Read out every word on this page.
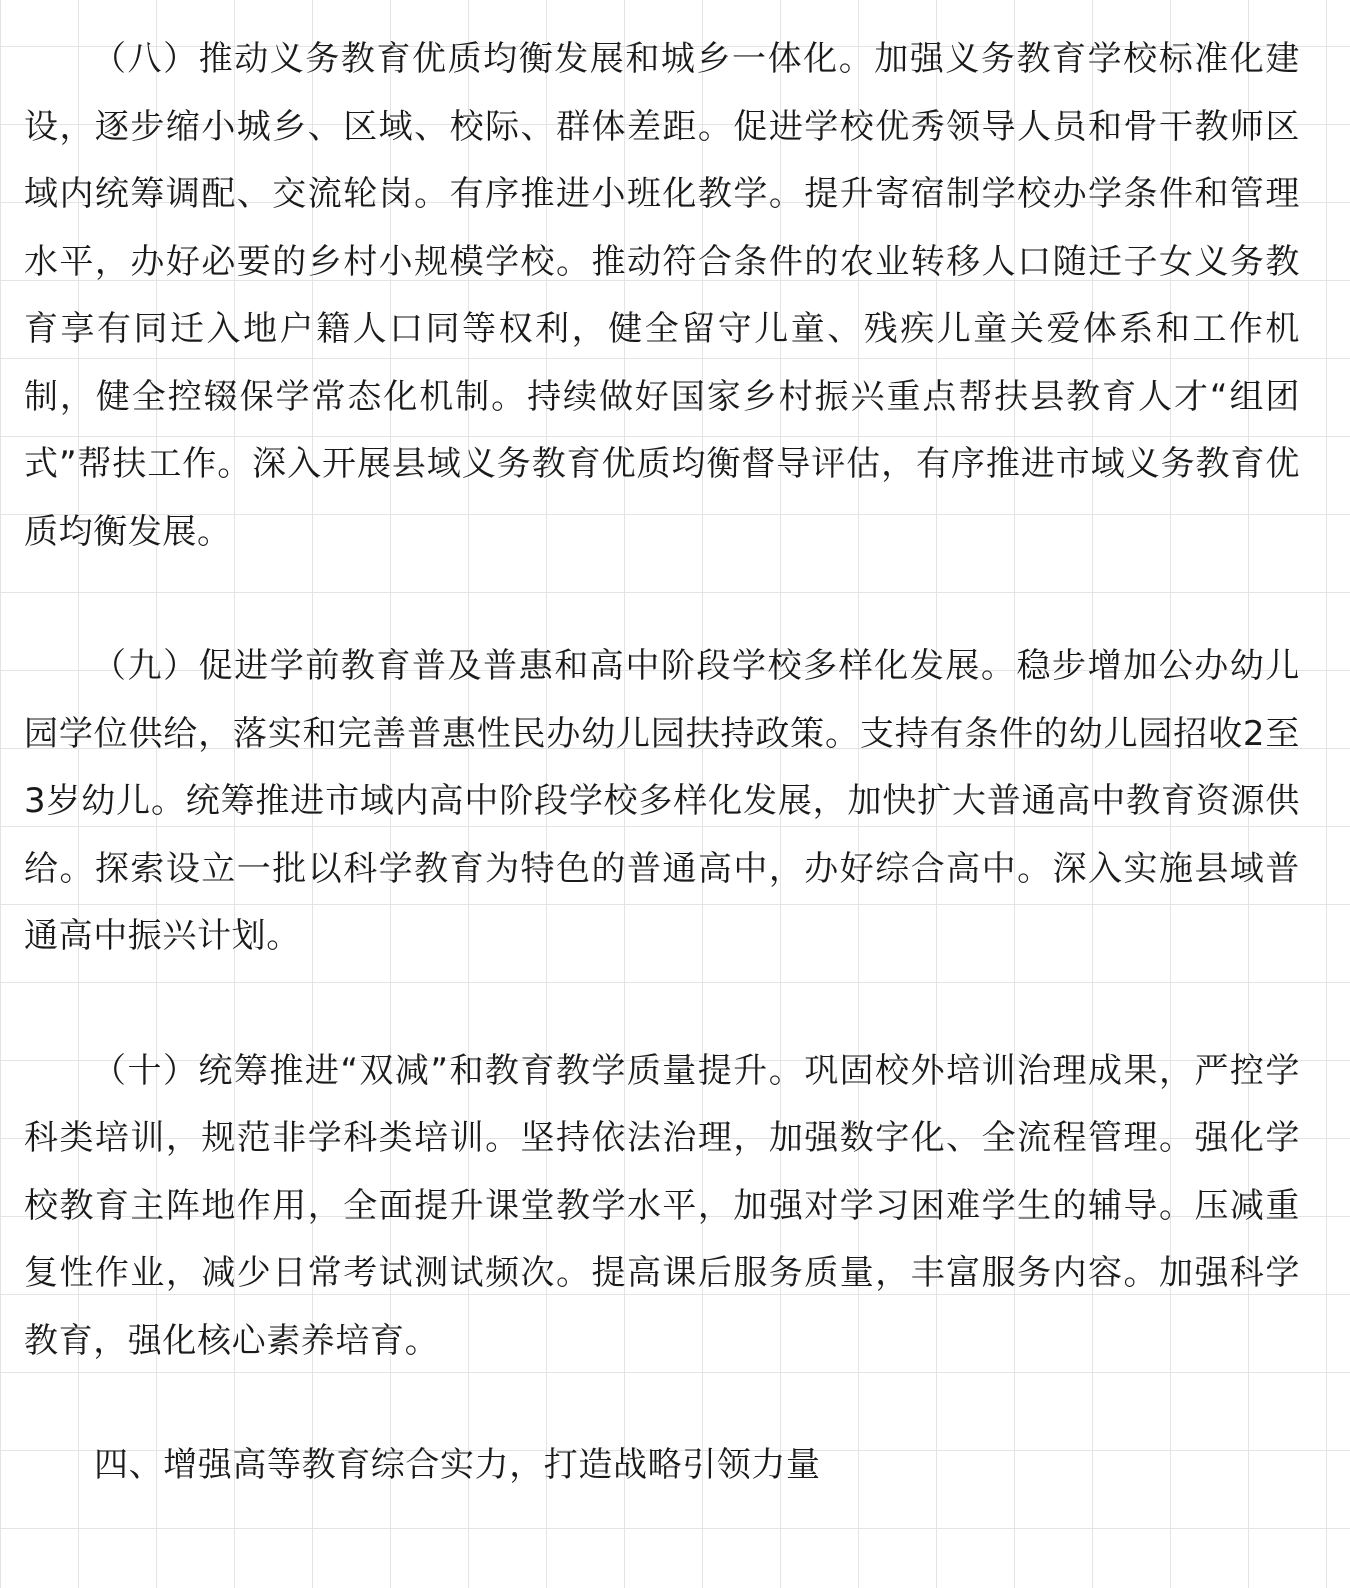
（八）推动义务教育优质均衡发展和城乡一体化。加强义务教育学校标准化建设，逐步缩小城乡、区域、校际、群体差距。促进学校优秀领导人员和骨干教师区域内统筹调配、交流轮岗。有序推进小班化教学。提升寄宿制学校办学条件和管理水平，办好必要的乡村小规模学校。推动符合条件的农业转移人口随迁子女义务教育享有同迁入地户籍人口同等权利，健全留守儿童、残疾儿童关爱体系和工作机制，健全控辍保学常态化机制。持续做好国家乡村振兴重点帮扶县教育人才“组团式”帮扶工作。深入开展县域义务教育优质均衡督导评估，有序推进市域义务教育优质均衡发展。

（九）促进学前教育普及普惠和高中阶段学校多样化发展。稳步增加公办幼儿园学位供给，落实和完善普惠性民办幼儿园扶持政策。支持有条件的幼儿园招收2至3岁幼儿。统筹推进市域内高中阶段学校多样化发展，加快扩大普通高中教育资源供给。探索设立一批以科学教育为特色的普通高中，办好综合高中。深入实施县域普通高中振兴计划。

（十）统筹推进“双减”和教育教学质量提升。巩固校外培训治理成果，严控学科类培训，规范非学科类培训。坚持依法治理，加强数字化、全流程管理。强化学校教育主阵地作用，全面提升课堂教学水平，加强对学习困难学生的辅导。压减重复性作业，减少日常考试测试频次。提高课后服务质量，丰富服务内容。加强科学教育，强化核心素养培育。

四、增强高等教育综合实力，打造战略引领力量
